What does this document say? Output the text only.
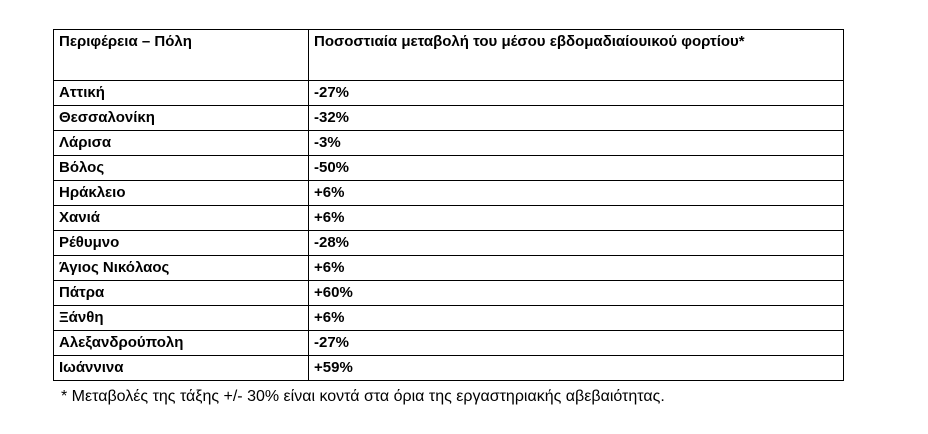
Περιφέρεια – Πόλη	Ποσοστιαία μεταβολή του μέσου εβδομαδιαίουικού φορτίου*
Αττική	-27%
Θεσσαλονίκη	-32%
Λάρισα	-3%
Βόλος	-50%
Ηράκλειο	+6%
Χανιά	+6%
Ρέθυμνο	-28%
Άγιος Νικόλαος	+6%
Πάτρα	+60%
Ξάνθη	+6%
Αλεξανδρούπολη	-27%
Ιωάννινα	+59%
* Μεταβολές της τάξης +/- 30% είναι κοντά στα όρια της εργαστηριακής αβεβαιότητας.
